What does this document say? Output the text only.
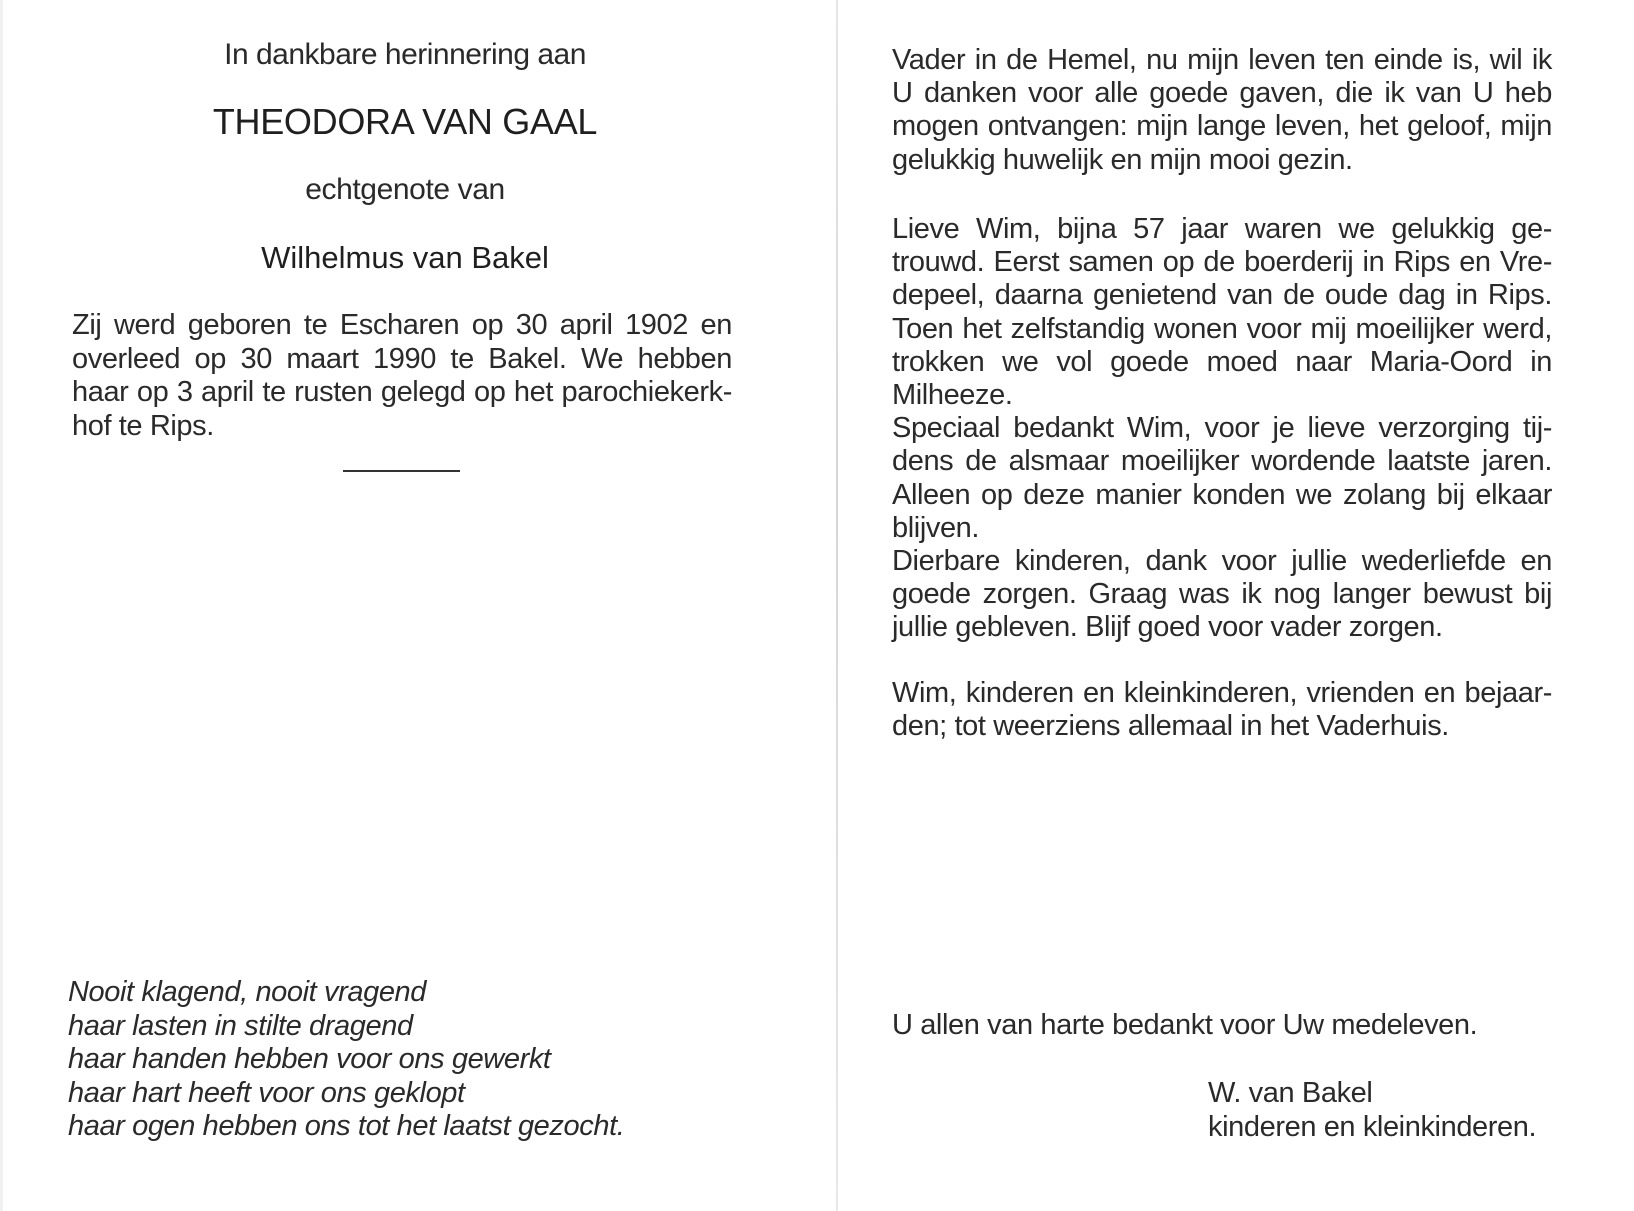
In dankbare herinnering aan
THEODORA VAN GAAL
echtgenote van
Wilhelmus van Bakel
Zij werd geboren te Escharen op 30 april 1902 en
overleed op 30 maart 1990 te Bakel. We hebben
haar op 3 april te rusten gelegd op het parochiekerk-
hof te Rips.
Nooit klagend, nooit vragend
haar lasten in stilte dragend
haar handen hebben voor ons gewerkt
haar hart heeft voor ons geklopt
haar ogen hebben ons tot het laatst gezocht.
Vader in de Hemel, nu mijn leven ten einde is, wil ik
U danken voor alle goede gaven, die ik van U heb
mogen ontvangen: mijn lange leven, het geloof, mijn
gelukkig huwelijk en mijn mooi gezin.
Lieve Wim, bijna 57 jaar waren we gelukkig ge-
trouwd. Eerst samen op de boerderij in Rips en Vre-
depeel, daarna genietend van de oude dag in Rips.
Toen het zelfstandig wonen voor mij moeilijker werd,
trokken we vol goede moed naar Maria-Oord in
Milheeze.
Speciaal bedankt Wim, voor je lieve verzorging tij-
dens de alsmaar moeilijker wordende laatste jaren.
Alleen op deze manier konden we zolang bij elkaar
blijven.
Dierbare kinderen, dank voor jullie wederliefde en
goede zorgen. Graag was ik nog langer bewust bij
jullie gebleven. Blijf goed voor vader zorgen.
Wim, kinderen en kleinkinderen, vrienden en bejaar-
den; tot weerziens allemaal in het Vaderhuis.
U allen van harte bedankt voor Uw medeleven.
W. van Bakel
kinderen en kleinkinderen.
